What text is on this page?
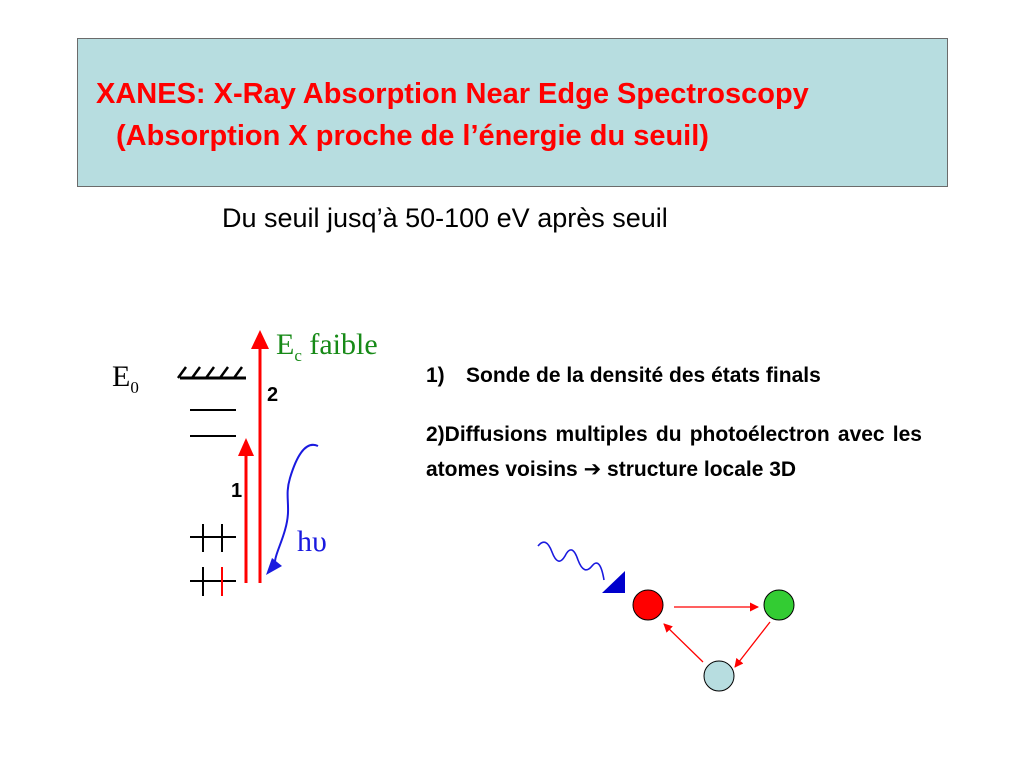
XANES: X-Ray Absorption Near Edge Spectroscopy
(Absorption X proche de l’énergie du seuil)
Du seuil jusq’à 50-100 eV après seuil
$E_0$
$E_c$ faible
hυ
2
1
1) Sonde de la densité des états finals
2)Diffusions multiples du photoélectron avec les atomes voisins ➔ structure locale 3D
